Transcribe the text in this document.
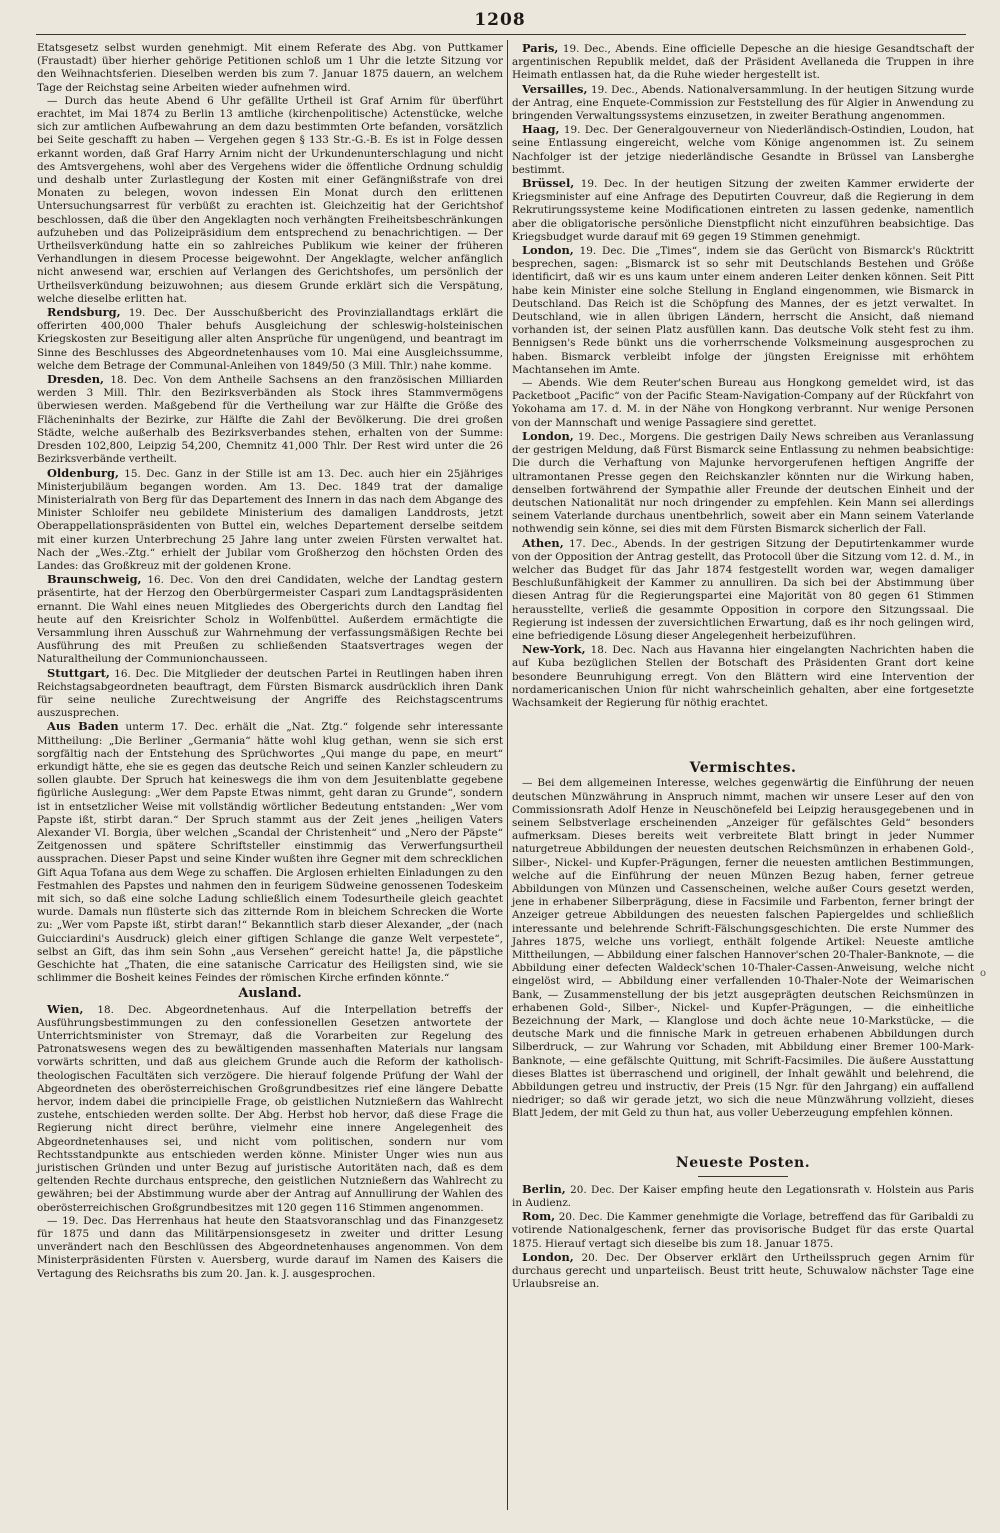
1208

Etatsgesetz selbst wurden genehmigt. Mit einem Referate des Abg. von Puttkamer (Fraustadt) über hierher gehörige Petitionen schloß um 1 Uhr die letzte Sitzung vor den Weihnachtsferien. Dieselben werden bis zum 7. Januar 1875 dauern, an welchem Tage der Reichstag seine Arbeiten wieder aufnehmen wird.

— Durch das heute Abend 6 Uhr gefällte Urtheil ist Graf Arnim für überführt erachtet, im Mai 1874 zu Berlin 13 amtliche (kirchenpolitische) Actenstücke, welche sich zur amtlichen Aufbewahrung an dem dazu bestimmten Orte befanden, vorsätzlich bei Seite geschafft zu haben — Vergehen gegen § 133 Str.-G.-B. Es ist in Folge dessen erkannt worden, daß Graf Harry Arnim nicht der Urkundenunterschlagung und nicht des Amtsvergehens, wohl aber des Vergehens wider die öffentliche Ordnung schuldig und deshalb unter Zurlastlegung der Kosten mit einer Gefängnißstrafe von drei Monaten zu belegen, wovon indessen Ein Monat durch den erlittenen Untersuchungsarrest für verbüßt zu erachten ist. Gleichzeitig hat der Gerichtshof beschlossen, daß die über den Angeklagten noch verhängten Freiheitsbeschränkungen aufzuheben und das Polizeipräsidium dem entsprechend zu benachrichtigen. — Der Urtheilsverkündung hatte ein so zahlreiches Publikum wie keiner der früheren Verhandlungen in diesem Processe beigewohnt. Der Angeklagte, welcher anfänglich nicht anwesend war, erschien auf Verlangen des Gerichtshofes, um persönlich der Urtheilsverkündung beizuwohnen; aus diesem Grunde erklärt sich die Verspätung, welche dieselbe erlitten hat.

Rendsburg, 19. Dec. Der Ausschußbericht des Provinziallandtags erklärt die offerirten 400,000 Thaler behufs Ausgleichung der schleswig-holsteinischen Kriegskosten zur Beseitigung aller alten Ansprüche für ungenügend, und beantragt im Sinne des Beschlusses des Abgeordnetenhauses vom 10. Mai eine Ausgleichssumme, welche dem Betrage der Communal-Anleihen von 1849/50 (3 Mill. Thlr.) nahe komme.

Dresden, 18. Dec. Von dem Antheile Sachsens an den französischen Milliarden werden 3 Mill. Thlr. den Bezirksverbänden als Stock ihres Stammvermögens überwiesen werden. Maßgebend für die Vertheilung war zur Hälfte die Größe des Flächeninhalts der Bezirke, zur Hälfte die Zahl der Bevölkerung. Die drei großen Städte, welche außerhalb des Bezirksverbandes stehen, erhalten von der Summe: Dresden 102,800, Leipzig 54,200, Chemnitz 41,000 Thlr. Der Rest wird unter die 26 Bezirksverbände vertheilt.

Oldenburg, 15. Dec. Ganz in der Stille ist am 13. Dec. auch hier ein 25jähriges Ministerjubiläum begangen worden. Am 13. Dec. 1849 trat der damalige Ministerialrath von Berg für das Departement des Innern in das nach dem Abgange des Minister Schloifer neu gebildete Ministerium des damaligen Landdrosts, jetzt Oberappellationspräsidenten von Buttel ein, welches Departement derselbe seitdem mit einer kurzen Unterbrechung 25 Jahre lang unter zweien Fürsten verwaltet hat. Nach der „Wes.-Ztg.“ erhielt der Jubilar vom Großherzog den höchsten Orden des Landes: das Großkreuz mit der goldenen Krone.

Braunschweig, 16. Dec. Von den drei Candidaten, welche der Landtag gestern präsentirte, hat der Herzog den Oberbürgermeister Caspari zum Landtagspräsidenten ernannt. Die Wahl eines neuen Mitgliedes des Obergerichts durch den Landtag fiel heute auf den Kreisrichter Scholz in Wolfenbüttel. Außerdem ermächtigte die Versammlung ihren Ausschuß zur Wahrnehmung der verfassungsmäßigen Rechte bei Ausführung des mit Preußen zu schließenden Staatsvertrages wegen der Naturaltheilung der Communionchausseen.

Stuttgart, 16. Dec. Die Mitglieder der deutschen Partei in Reutlingen haben ihren Reichstagsabgeordneten beauftragt, dem Fürsten Bismarck ausdrücklich ihren Dank für seine neuliche Zurechtweisung der Angriffe des Reichstagscentrums auszusprechen.

Aus Baden unterm 17. Dec. erhält die „Nat. Ztg.“ folgende sehr interessante Mittheilung: „Die Berliner „Germania“ hätte wohl klug gethan, wenn sie sich erst sorgfältig nach der Entstehung des Sprüchwortes „Qui mange du pape, en meurt“ erkundigt hätte, ehe sie es gegen das deutsche Reich und seinen Kanzler schleudern zu sollen glaubte. Der Spruch hat keineswegs die ihm von dem Jesuitenblatte gegebene figürliche Auslegung: „Wer dem Papste Etwas nimmt, geht daran zu Grunde“, sondern ist in entsetzlicher Weise mit vollständig wörtlicher Bedeutung entstanden: „Wer vom Papste ißt, stirbt daran.“ Der Spruch stammt aus der Zeit jenes „heiligen Vaters Alexander VI. Borgia, über welchen „Scandal der Christenheit“ und „Nero der Päpste“ Zeitgenossen und spätere Schriftsteller einstimmig das Verwerfungsurtheil aussprachen. Dieser Papst und seine Kinder wußten ihre Gegner mit dem schrecklichen Gift Aqua Tofana aus dem Wege zu schaffen. Die Arglosen erhielten Einladungen zu den Festmahlen des Papstes und nahmen den in feurigem Südweine genossenen Todeskeim mit sich, so daß eine solche Ladung schließlich einem Todesurtheile gleich geachtet wurde. Damals nun flüsterte sich das zitternde Rom in bleichem Schrecken die Worte zu: „Wer vom Papste ißt, stirbt daran!“ Bekanntlich starb dieser Alexander, „der (nach Guicciardini's Ausdruck) gleich einer giftigen Schlange die ganze Welt verpestete“, selbst an Gift, das ihm sein Sohn „aus Versehen“ gereicht hatte! Ja, die päpstliche Geschichte hat „Thaten, die eine satanische Carricatur des Heiligsten sind, wie sie schlimmer die Bosheit keines Feindes der römischen Kirche erfinden könnte.“

Ausland.

Wien, 18. Dec. Abgeordnetenhaus. Auf die Interpellation betreffs der Ausführungsbestimmungen zu den confessionellen Gesetzen antwortete der Unterrichtsminister von Stremayr, daß die Vorarbeiten zur Regelung des Patronatswesens wegen des zu bewältigenden massenhaften Materials nur langsam vorwärts schritten, und daß aus gleichem Grunde auch die Reform der katholisch-theologischen Facultäten sich verzögere. Die hierauf folgende Prüfung der Wahl der Abgeordneten des oberösterreichischen Großgrundbesitzes rief eine längere Debatte hervor, indem dabei die principielle Frage, ob geistlichen Nutznießern das Wahlrecht zustehe, entschieden werden sollte. Der Abg. Herbst hob hervor, daß diese Frage die Regierung nicht direct berühre, vielmehr eine innere Angelegenheit des Abgeordnetenhauses sei, und nicht vom politischen, sondern nur vom Rechtsstandpunkte aus entschieden werden könne. Minister Unger wies nun aus juristischen Gründen und unter Bezug auf juristische Autoritäten nach, daß es dem geltenden Rechte durchaus entspreche, den geistlichen Nutznießern das Wahlrecht zu gewähren; bei der Abstimmung wurde aber der Antrag auf Annullirung der Wahlen des oberösterreichischen Großgrundbesitzes mit 120 gegen 116 Stimmen angenommen.

— 19. Dec. Das Herrenhaus hat heute den Staatsvoranschlag und das Finanzgesetz für 1875 und dann das Militärpensionsgesetz in zweiter und dritter Lesung unverändert nach den Beschlüssen des Abgeordnetenhauses angenommen. Von dem Ministerpräsidenten Fürsten v. Auersberg, wurde darauf im Namen des Kaisers die Vertagung des Reichsraths bis zum 20. Jan. k. J. ausgesprochen.

Paris, 19. Dec., Abends. Eine officielle Depesche an die hiesige Gesandtschaft der argentinischen Republik meldet, daß der Präsident Avellaneda die Truppen in ihre Heimath entlassen hat, da die Ruhe wieder hergestellt ist.

Versailles, 19. Dec., Abends. Nationalversammlung. In der heutigen Sitzung wurde der Antrag, eine Enquete-Commission zur Feststellung des für Algier in Anwendung zu bringenden Verwaltungssystems einzusetzen, in zweiter Berathung angenommen.

Haag, 19. Dec. Der Generalgouverneur von Niederländisch-Ostindien, Loudon, hat seine Entlassung eingereicht, welche vom Könige angenommen ist. Zu seinem Nachfolger ist der jetzige niederländische Gesandte in Brüssel van Lansberghe bestimmt.

Brüssel, 19. Dec. In der heutigen Sitzung der zweiten Kammer erwiderte der Kriegsminister auf eine Anfrage des Deputirten Couvreur, daß die Regierung in dem Rekrutirungssysteme keine Modificationen eintreten zu lassen gedenke, namentlich aber die obligatorische persönliche Dienstpflicht nicht einzuführen beabsichtige. Das Kriegsbudget wurde darauf mit 69 gegen 19 Stimmen genehmigt.

London, 19. Dec. Die „Times“, indem sie das Gerücht von Bismarck's Rücktritt besprechen, sagen: „Bismarck ist so sehr mit Deutschlands Bestehen und Größe identificirt, daß wir es uns kaum unter einem anderen Leiter denken können. Seit Pitt habe kein Minister eine solche Stellung in England eingenommen, wie Bismarck in Deutschland. Das Reich ist die Schöpfung des Mannes, der es jetzt verwaltet. In Deutschland, wie in allen übrigen Ländern, herrscht die Ansicht, daß niemand vorhanden ist, der seinen Platz ausfüllen kann. Das deutsche Volk steht fest zu ihm. Bennigsen's Rede bünkt uns die vorherrschende Volksmeinung ausgesprochen zu haben. Bismarck verbleibt infolge der jüngsten Ereignisse mit erhöhtem Machtansehen im Amte.

— Abends. Wie dem Reuter'schen Bureau aus Hongkong gemeldet wird, ist das Packetboot „Pacific“ von der Pacific Steam-Navigation-Company auf der Rückfahrt von Yokohama am 17. d. M. in der Nähe von Hongkong verbrannt. Nur wenige Personen von der Mannschaft und wenige Passagiere sind gerettet.

London, 19. Dec., Morgens. Die gestrigen Daily News schreiben aus Veranlassung der gestrigen Meldung, daß Fürst Bismarck seine Entlassung zu nehmen beabsichtige: Die durch die Verhaftung von Majunke hervorgerufenen heftigen Angriffe der ultramontanen Presse gegen den Reichskanzler könnten nur die Wirkung haben, denselben fortwährend der Sympathie aller Freunde der deutschen Einheit und der deutschen Nationalität nur noch dringender zu empfehlen. Kein Mann sei allerdings seinem Vaterlande durchaus unentbehrlich, soweit aber ein Mann seinem Vaterlande nothwendig sein könne, sei dies mit dem Fürsten Bismarck sicherlich der Fall.

Athen, 17. Dec., Abends. In der gestrigen Sitzung der Deputirtenkammer wurde von der Opposition der Antrag gestellt, das Protocoll über die Sitzung vom 12. d. M., in welcher das Budget für das Jahr 1874 festgestellt worden war, wegen damaliger Beschlußunfähigkeit der Kammer zu annulliren. Da sich bei der Abstimmung über diesen Antrag für die Regierungspartei eine Majorität von 80 gegen 61 Stimmen herausstellte, verließ die gesammte Opposition in corpore den Sitzungssaal. Die Regierung ist indessen der zuversichtlichen Erwartung, daß es ihr noch gelingen wird, eine befriedigende Lösung dieser Angelegenheit herbeizuführen.

New-York, 18. Dec. Nach aus Havanna hier eingelangten Nachrichten haben die auf Kuba bezüglichen Stellen der Botschaft des Präsidenten Grant dort keine besondere Beunruhigung erregt. Von den Blättern wird eine Intervention der nordamericanischen Union für nicht wahrscheinlich gehalten, aber eine fortgesetzte Wachsamkeit der Regierung für nöthig erachtet.

Vermischtes.

— Bei dem allgemeinen Interesse, welches gegenwärtig die Einführung der neuen deutschen Münzwährung in Anspruch nimmt, machen wir unsere Leser auf den von Commissionsrath Adolf Henze in Neuschönefeld bei Leipzig herausgegebenen und in seinem Selbstverlage erscheinenden „Anzeiger für gefälschtes Geld“ besonders aufmerksam. Dieses bereits weit verbreitete Blatt bringt in jeder Nummer naturgetreue Abbildungen der neuesten deutschen Reichsmünzen in erhabenen Gold-, Silber-, Nickel- und Kupfer-Prägungen, ferner die neuesten amtlichen Bestimmungen, welche auf die Einführung der neuen Münzen Bezug haben, ferner getreue Abbildungen von Münzen und Cassenscheinen, welche außer Cours gesetzt werden, jene in erhabener Silberprägung, diese in Facsimile und Farbenton, ferner bringt der Anzeiger getreue Abbildungen des neuesten falschen Papiergeldes und schließlich interessante und belehrende Schrift-Fälschungsgeschichten. Die erste Nummer des Jahres 1875, welche uns vorliegt, enthält folgende Artikel: Neueste amtliche Mittheilungen, — Abbildung einer falschen Hannover'schen 20-Thaler-Banknote, — die Abbildung einer defecten Waldeck'schen 10-Thaler-Cassen-Anweisung, welche nicht eingelöst wird, — Abbildung einer verfallenden 10-Thaler-Note der Weimarischen Bank, — Zusammenstellung der bis jetzt ausgeprägten deutschen Reichsmünzen in erhabenen Gold-, Silber-, Nickel- und Kupfer-Prägungen, — die einheitliche Bezeichnung der Mark, — Klanglose und doch ächte neue 10-Markstücke, — die deutsche Mark und die finnische Mark in getreuen erhabenen Abbildungen durch Silberdruck, — zur Wahrung vor Schaden, mit Abbildung einer Bremer 100-Mark-Banknote, — eine gefälschte Quittung, mit Schrift-Facsimiles. Die äußere Ausstattung dieses Blattes ist überraschend und originell, der Inhalt gewählt und belehrend, die Abbildungen getreu und instructiv, der Preis (15 Ngr. für den Jahrgang) ein auffallend niedriger; so daß wir gerade jetzt, wo sich die neue Münzwährung vollzieht, dieses Blatt Jedem, der mit Geld zu thun hat, aus voller Ueberzeugung empfehlen können.

Neueste Posten.

Berlin, 20. Dec. Der Kaiser empfing heute den Legationsrath v. Holstein aus Paris in Audienz.

Rom, 20. Dec. Die Kammer genehmigte die Vorlage, betreffend das für Garibaldi zu votirende Nationalgeschenk, ferner das provisorische Budget für das erste Quartal 1875. Hierauf vertagt sich dieselbe bis zum 18. Januar 1875.

London, 20. Dec. Der Observer erklärt den Urtheilsspruch gegen Arnim für durchaus gerecht und unparteiisch. Beust tritt heute, Schuwalow nächster Tage eine Urlaubsreise an.

o
